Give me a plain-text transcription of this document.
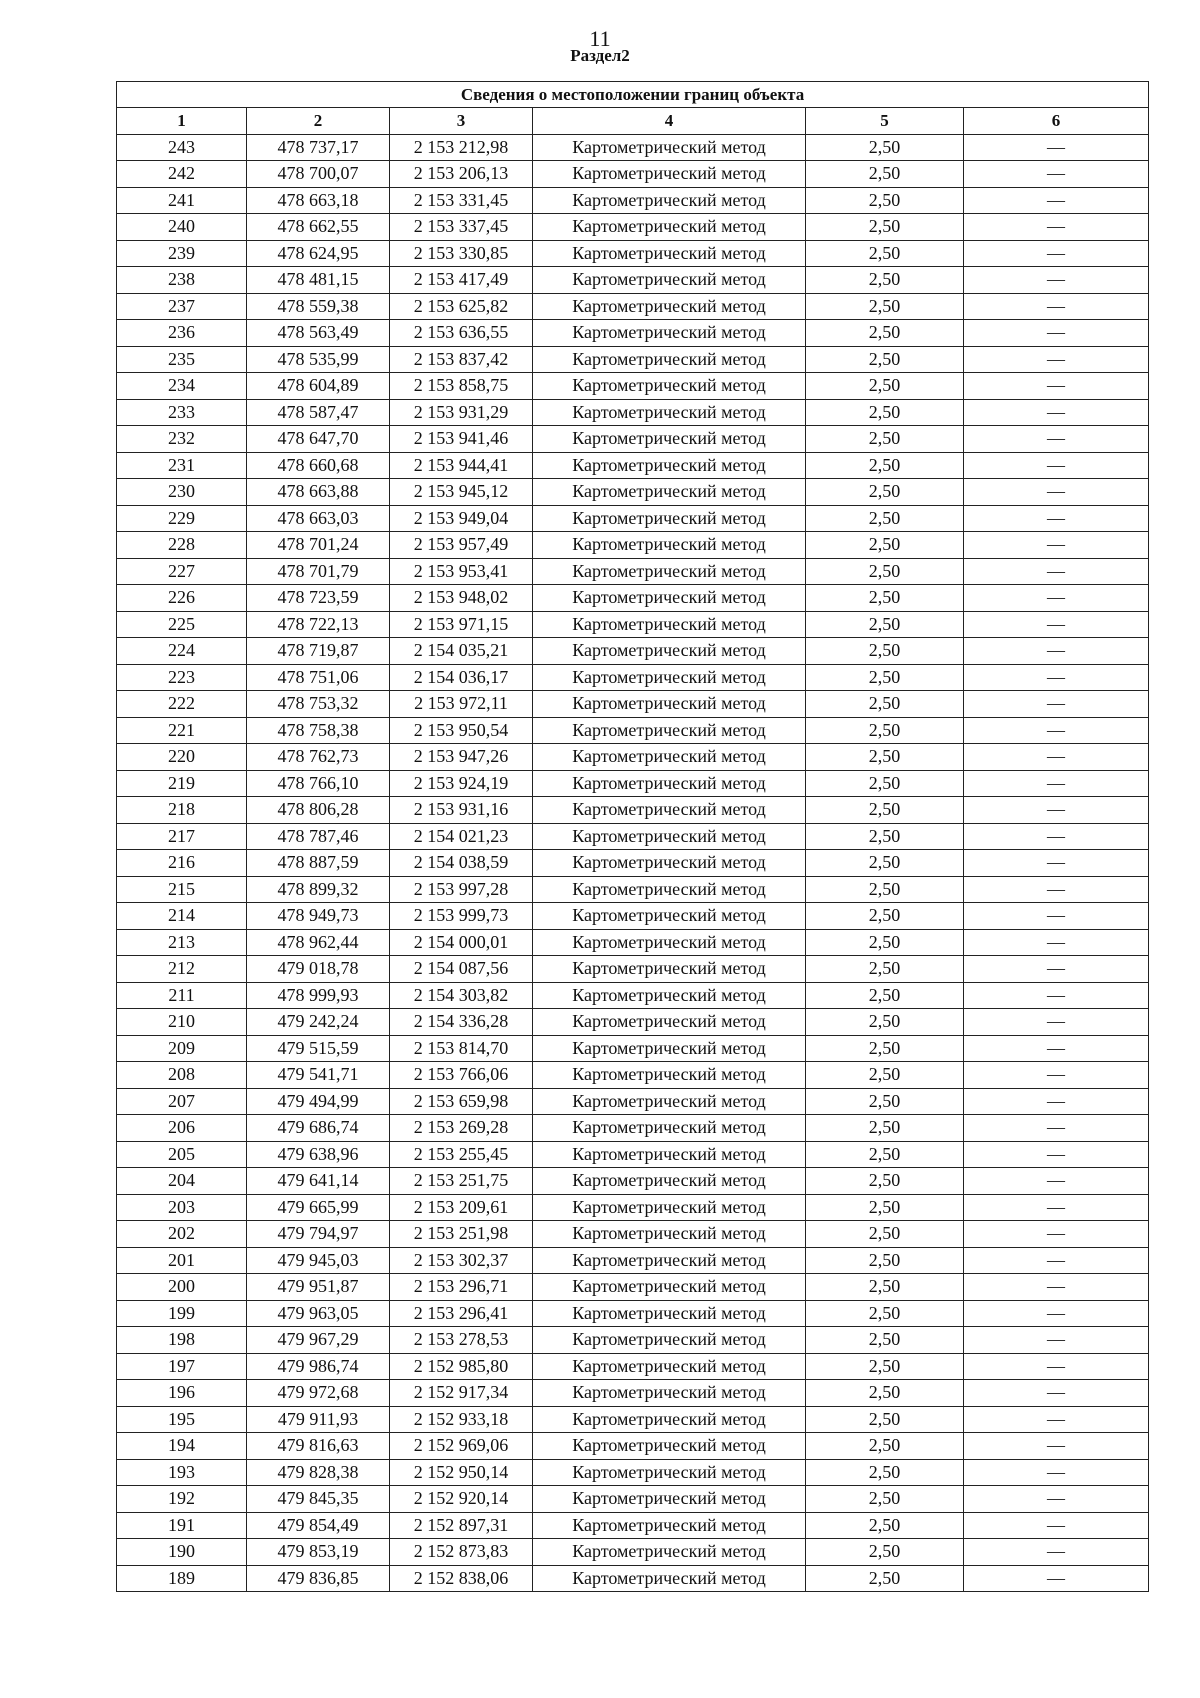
11
Раздел2
Сведения о местоположении границ объекта					
1	2	3	4	5	6
243	478 737,17	2 153 212,98	Картометрический метод	2,50	—
242	478 700,07	2 153 206,13	Картометрический метод	2,50	—
241	478 663,18	2 153 331,45	Картометрический метод	2,50	—
240	478 662,55	2 153 337,45	Картометрический метод	2,50	—
239	478 624,95	2 153 330,85	Картометрический метод	2,50	—
238	478 481,15	2 153 417,49	Картометрический метод	2,50	—
237	478 559,38	2 153 625,82	Картометрический метод	2,50	—
236	478 563,49	2 153 636,55	Картометрический метод	2,50	—
235	478 535,99	2 153 837,42	Картометрический метод	2,50	—
234	478 604,89	2 153 858,75	Картометрический метод	2,50	—
233	478 587,47	2 153 931,29	Картометрический метод	2,50	—
232	478 647,70	2 153 941,46	Картометрический метод	2,50	—
231	478 660,68	2 153 944,41	Картометрический метод	2,50	—
230	478 663,88	2 153 945,12	Картометрический метод	2,50	—
229	478 663,03	2 153 949,04	Картометрический метод	2,50	—
228	478 701,24	2 153 957,49	Картометрический метод	2,50	—
227	478 701,79	2 153 953,41	Картометрический метод	2,50	—
226	478 723,59	2 153 948,02	Картометрический метод	2,50	—
225	478 722,13	2 153 971,15	Картометрический метод	2,50	—
224	478 719,87	2 154 035,21	Картометрический метод	2,50	—
223	478 751,06	2 154 036,17	Картометрический метод	2,50	—
222	478 753,32	2 153 972,11	Картометрический метод	2,50	—
221	478 758,38	2 153 950,54	Картометрический метод	2,50	—
220	478 762,73	2 153 947,26	Картометрический метод	2,50	—
219	478 766,10	2 153 924,19	Картометрический метод	2,50	—
218	478 806,28	2 153 931,16	Картометрический метод	2,50	—
217	478 787,46	2 154 021,23	Картометрический метод	2,50	—
216	478 887,59	2 154 038,59	Картометрический метод	2,50	—
215	478 899,32	2 153 997,28	Картометрический метод	2,50	—
214	478 949,73	2 153 999,73	Картометрический метод	2,50	—
213	478 962,44	2 154 000,01	Картометрический метод	2,50	—
212	479 018,78	2 154 087,56	Картометрический метод	2,50	—
211	478 999,93	2 154 303,82	Картометрический метод	2,50	—
210	479 242,24	2 154 336,28	Картометрический метод	2,50	—
209	479 515,59	2 153 814,70	Картометрический метод	2,50	—
208	479 541,71	2 153 766,06	Картометрический метод	2,50	—
207	479 494,99	2 153 659,98	Картометрический метод	2,50	—
206	479 686,74	2 153 269,28	Картометрический метод	2,50	—
205	479 638,96	2 153 255,45	Картометрический метод	2,50	—
204	479 641,14	2 153 251,75	Картометрический метод	2,50	—
203	479 665,99	2 153 209,61	Картометрический метод	2,50	—
202	479 794,97	2 153 251,98	Картометрический метод	2,50	—
201	479 945,03	2 153 302,37	Картометрический метод	2,50	—
200	479 951,87	2 153 296,71	Картометрический метод	2,50	—
199	479 963,05	2 153 296,41	Картометрический метод	2,50	—
198	479 967,29	2 153 278,53	Картометрический метод	2,50	—
197	479 986,74	2 152 985,80	Картометрический метод	2,50	—
196	479 972,68	2 152 917,34	Картометрический метод	2,50	—
195	479 911,93	2 152 933,18	Картометрический метод	2,50	—
194	479 816,63	2 152 969,06	Картометрический метод	2,50	—
193	479 828,38	2 152 950,14	Картометрический метод	2,50	—
192	479 845,35	2 152 920,14	Картометрический метод	2,50	—
191	479 854,49	2 152 897,31	Картометрический метод	2,50	—
190	479 853,19	2 152 873,83	Картометрический метод	2,50	—
189	479 836,85	2 152 838,06	Картометрический метод	2,50	—
